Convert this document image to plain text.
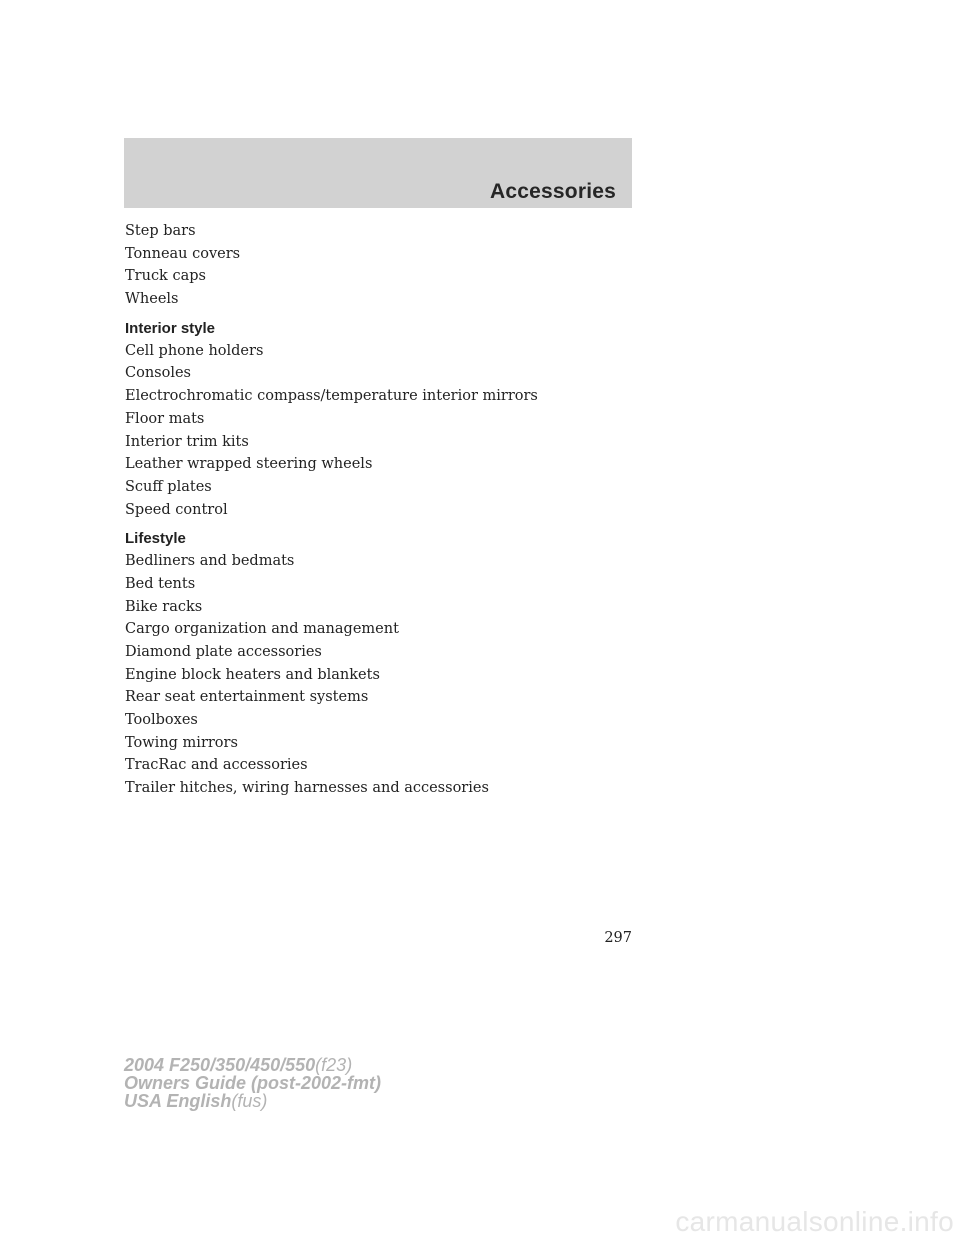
Accessories
Step bars
Tonneau covers
Truck caps
Wheels
Interior style
Cell phone holders
Consoles
Electrochromatic compass/temperature interior mirrors
Floor mats
Interior trim kits
Leather wrapped steering wheels
Scuff plates
Speed control
Lifestyle
Bedliners and bedmats
Bed tents
Bike racks
Cargo organization and management
Diamond plate accessories
Engine block heaters and blankets
Rear seat entertainment systems
Toolboxes
Towing mirrors
TracRac and accessories
Trailer hitches, wiring harnesses and accessories
297
2004 F250/350/450/550(f23)
Owners Guide (post-2002-fmt)
USA English(fus)
carmanualsonline.info
